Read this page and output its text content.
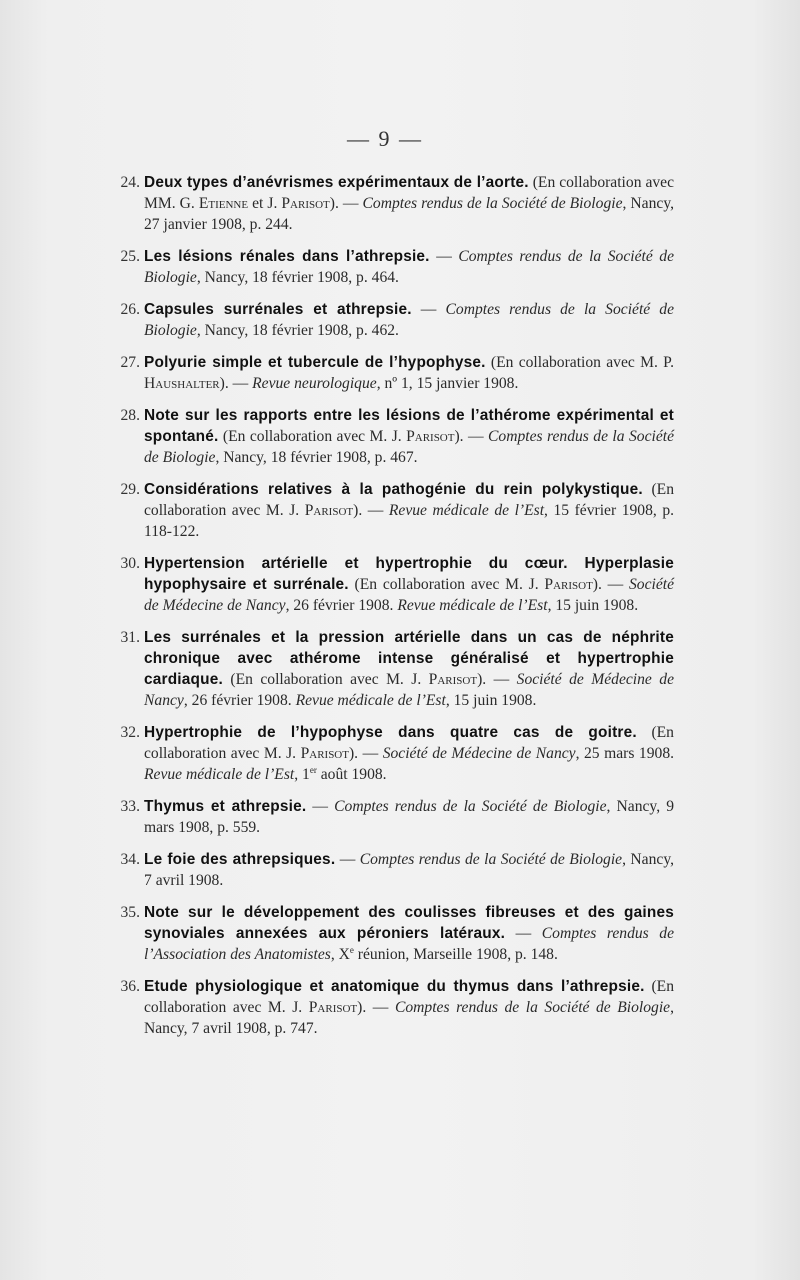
— 9 —

24. Deux types d’anévrismes expérimentaux de l’aorte. (En collaboration avec MM. G. Etienne et J. Parisot). — Comptes rendus de la Société de Biologie, Nancy, 27 janvier 1908, p. 244.

25. Les lésions rénales dans l’athrepsie. — Comptes rendus de la Société de Biologie, Nancy, 18 février 1908, p. 464.

26. Capsules surrénales et athrepsie. — Comptes rendus de la Société de Biologie, Nancy, 18 février 1908, p. 462.

27. Polyurie simple et tubercule de l’hypophyse. (En collaboration avec M. P. Haushalter). — Revue neurologique, nº 1, 15 janvier 1908.

28. Note sur les rapports entre les lésions de l’athérome expérimental et spontané. (En collaboration avec M. J. Parisot). — Comptes rendus de la Société de Biologie, Nancy, 18 février 1908, p. 467.

29. Considérations relatives à la pathogénie du rein polykystique. (En collaboration avec M. J. Parisot). — Revue médicale de l’Est, 15 février 1908, p. 118-122.

30. Hypertension artérielle et hypertrophie du cœur. Hyperplasie hypophysaire et surrénale. (En collaboration avec M. J. Parisot). — Société de Médecine de Nancy, 26 février 1908. Revue médicale de l’Est, 15 juin 1908.

31. Les surrénales et la pression artérielle dans un cas de néphrite chronique avec athérome intense généralisé et hypertrophie cardiaque. (En collaboration avec M. J. Parisot). — Société de Médecine de Nancy, 26 février 1908. Revue médicale de l’Est, 15 juin 1908.

32. Hypertrophie de l’hypophyse dans quatre cas de goitre. (En collaboration avec M. J. Parisot). — Société de Médecine de Nancy, 25 mars 1908. Revue médicale de l’Est, 1er août 1908.

33. Thymus et athrepsie. — Comptes rendus de la Société de Biologie, Nancy, 9 mars 1908, p. 559.

34. Le foie des athrepsiques. — Comptes rendus de la Société de Biologie, Nancy, 7 avril 1908.

35. Note sur le développement des coulisses fibreuses et des gaines synoviales annexées aux péroniers latéraux. — Comptes rendus de l’Association des Anatomistes, Xe réunion, Marseille 1908, p. 148.

36. Etude physiologique et anatomique du thymus dans l’athrepsie. (En collaboration avec M. J. Parisot). — Comptes rendus de la Société de Biologie, Nancy, 7 avril 1908, p. 747.
